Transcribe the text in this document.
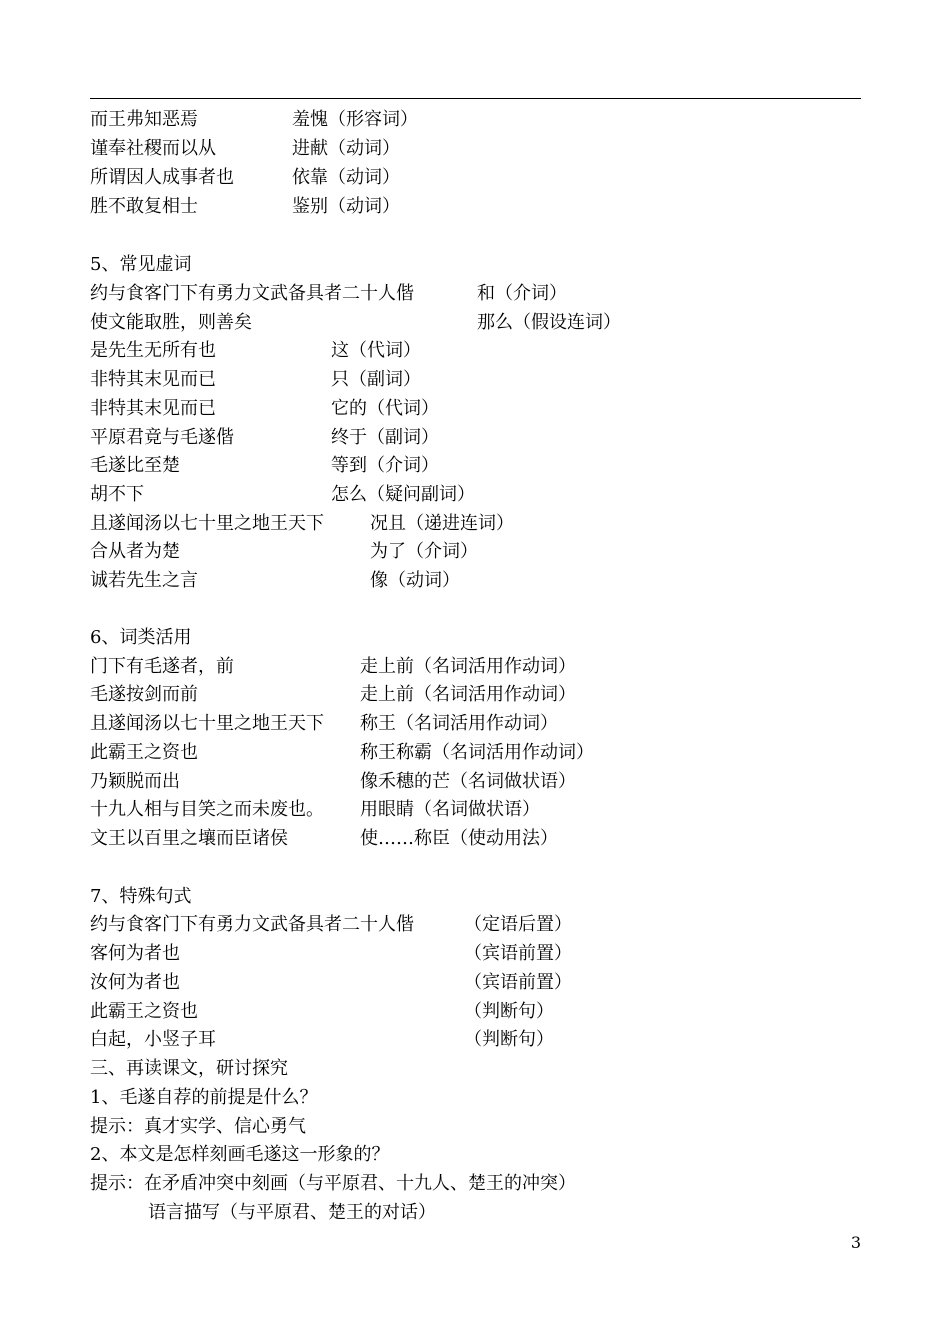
而王弗知恶焉	羞愧（形容词）
谨奉社稷而以从	进献（动词）
所谓因人成事者也	依靠（动词）
胜不敢复相士	鉴别（动词）
5、常见虚词
约与食客门下有勇力文武备具者二十人偕	和（介词）
使文能取胜，则善矣	那么（假设连词）
是先生无所有也	这（代词）
非特其末见而已	只（副词）
非特其末见而已	它的（代词）
平原君竟与毛遂偕	终于（副词）
毛遂比至楚	等到（介词）
胡不下	怎么（疑问副词）
且遂闻汤以七十里之地王天下	况且（递进连词）
合从者为楚	为了（介词）
诚若先生之言	像（动词）
6、词类活用
门下有毛遂者，前	走上前（名词活用作动词）
毛遂按剑而前	走上前（名词活用作动词）
且遂闻汤以七十里之地王天下 称王（名词活用作动词）
此霸王之资也	称王称霸（名词活用作动词）
乃颖脱而出	像禾穗的芒（名词做状语）
十九人相与目笑之而未废也。 用眼睛（名词做状语）
文王以百里之壤而臣诸侯	使……称臣（使动用法）
7、特殊句式
约与食客门下有勇力文武备具者二十人偕	（定语后置）
客何为者也	（宾语前置）
汝何为者也	（宾语前置）
此霸王之资也	（判断句）
白起，小竖子耳	（判断句）
三、再读课文，研讨探究
1、毛遂自荐的前提是什么？
提示：真才实学、信心勇气
2、本文是怎样刻画毛遂这一形象的？
提示：在矛盾冲突中刻画（与平原君、十九人、楚王的冲突）
语言描写（与平原君、楚王的对话）
3
